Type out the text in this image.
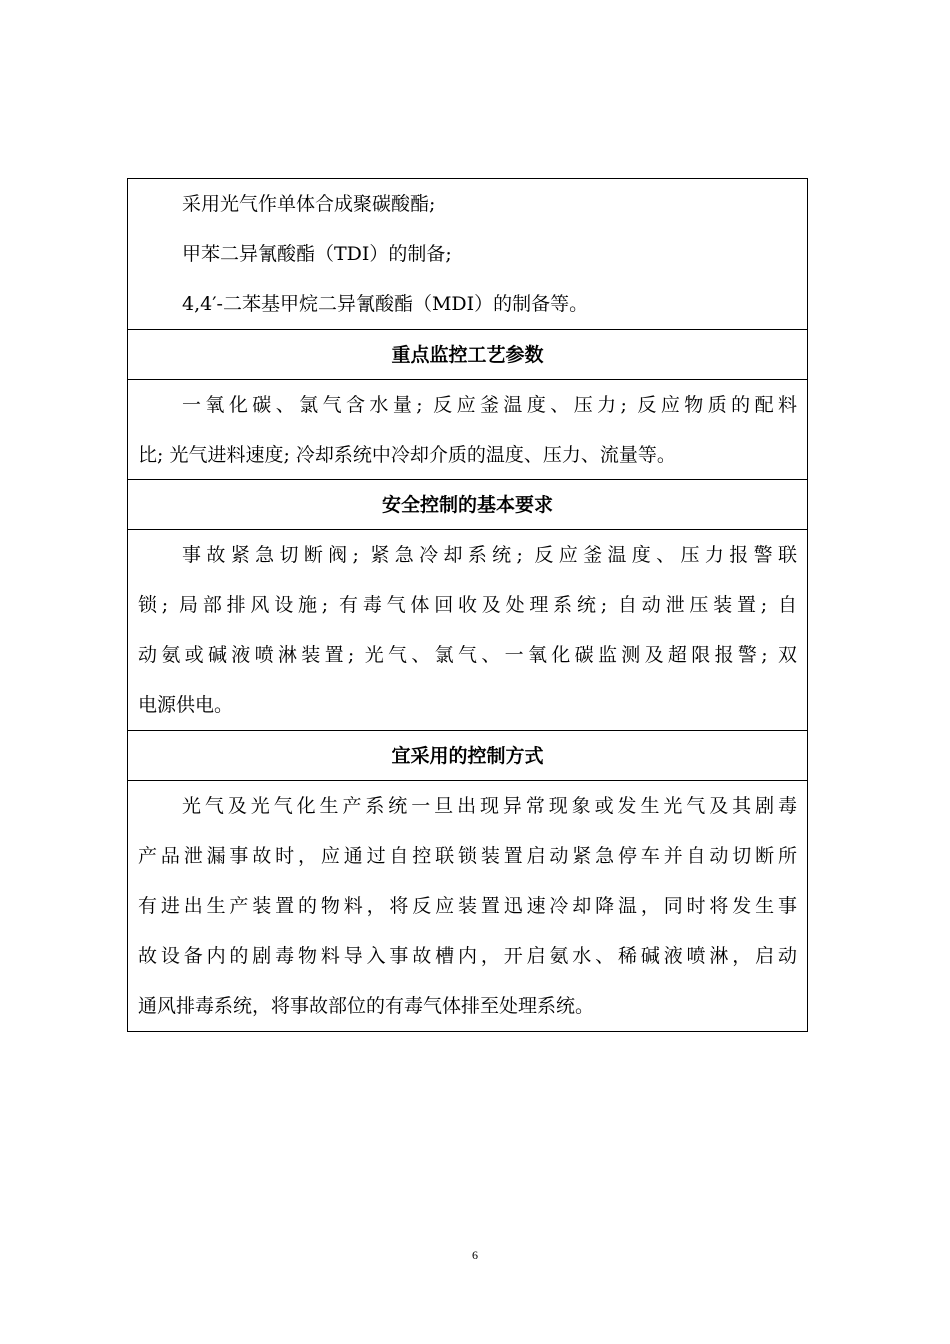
采用光气作单体合成聚碳酸酯;

甲苯二异氰酸酯（TDI）的制备;

4,4′-二苯基甲烷二异氰酸酯（MDI）的制备等。

重点监控工艺参数

一氧化碳、氯气含水量; 反应釜温度、压力; 反应物质的配料

比; 光气进料速度; 冷却系统中冷却介质的温度、压力、流量等。

安全控制的基本要求

事故紧急切断阀; 紧急冷却系统; 反应釜温度、压力报警联

锁; 局部排风设施; 有毒气体回收及处理系统; 自动泄压装置; 自

动氨或碱液喷淋装置; 光气、氯气、一氧化碳监测及超限报警; 双

电源供电。

宜采用的控制方式

光气及光气化生产系统一旦出现异常现象或发生光气及其剧毒

产品泄漏事故时，应通过自控联锁装置启动紧急停车并自动切断所

有进出生产装置的物料，将反应装置迅速冷却降温，同时将发生事

故设备内的剧毒物料导入事故槽内，开启氨水、稀碱液喷淋，启动

通风排毒系统，将事故部位的有毒气体排至处理系统。

6
